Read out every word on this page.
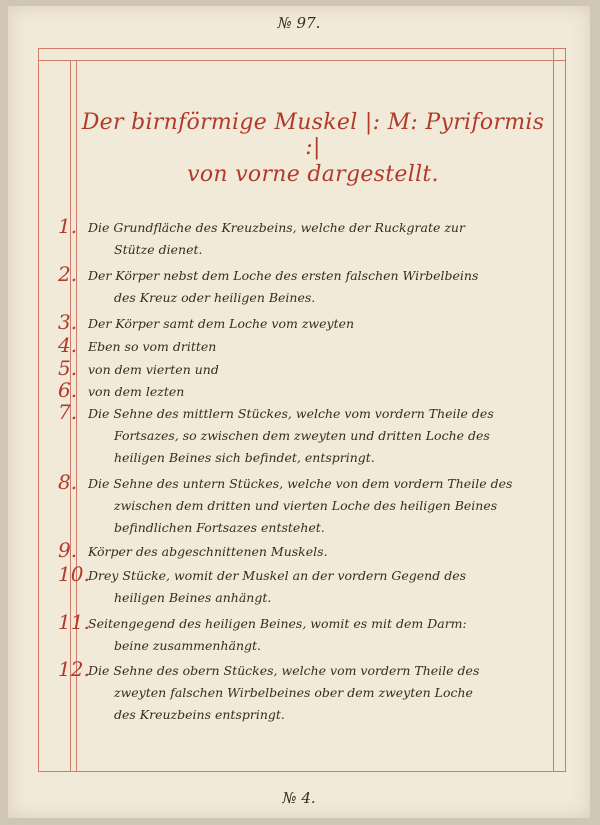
№ 97.
Der birnförmige Muskel |: M: Pyriformis :|
von vorne dargestellt.
1. Die Grundfläche des Kreuzbeins, welche der Ruckgrate zur
Stütze dienet.
2. Der Körper nebst dem Loche des ersten falschen Wirbelbeins
des Kreuz oder heiligen Beines.
3. Der Körper samt dem Loche vom zweyten
4. Eben so vom dritten
5. von dem vierten und
6. von dem lezten
7. Die Sehne des mittlern Stückes, welche vom vordern Theile des
Fortsazes, so zwischen dem zweyten und dritten Loche des
heiligen Beines sich befindet, entspringt.
8. Die Sehne des untern Stückes, welche von dem vordern Theile des
zwischen dem dritten und vierten Loche des heiligen Beines
befindlichen Fortsazes entstehet.
9. Körper des abgeschnittenen Muskels.
10.
Drey Stücke, womit der Muskel an der vordern Gegend des
heiligen Beines anhängt.
11.
Seitengegend des heiligen Beines, womit es mit dem Darm:
beine zusammenhängt.
12.
Die Sehne des obern Stückes, welche vom vordern Theile des
zweyten falschen Wirbelbeines ober dem zweyten Loche
des Kreuzbeins entspringt.
№ 4.
